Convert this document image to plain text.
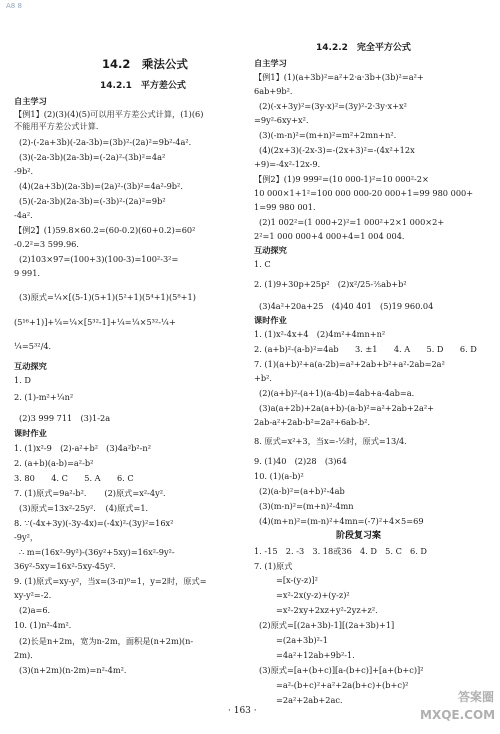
A8 8
14.2　乘法公式
14.2.1　平方差公式
自主学习
【例1】(2)(3)(4)(5)可以用平方差公式计算，(1)(6)
不能用平方差公式计算．
(2)-(-2a+3b)(-2a-3b)=(3b)²-(2a)²=9b²-4a²．
(3)(-2a-3b)(2a-3b)=(-2a)²-(3b)²=4a²
-9b²．
(4)(2a+3b)(2a-3b)=(2a)²-(3b)²=4a²-9b²．
(5)(-2a-3b)(2a-3b)=(-3b)²-(2a)²=9b²
-4a²．
【例2】(1)59.8×60.2=(60-0.2)(60+0.2)=60²
-0.2²=3 599.96．
(2)103×97=(100+3)(100-3)=100²-3²=
9 991．
(3)原式=¼×[(5-1)(5+1)(5²+1)(5⁴+1)(5⁸+1)
(5¹⁶+1)]+¼=¼×[5³²-1]+¼=¼×5³²-¼+
¼=5³²/4．
互动探究
1. D
2. (1)-m²+¼n²
(2)3 999 711　(3)1-2a
课时作业
1. (1)x²-9　(2)-a²+b²　(3)4a²b²-n²
2. (a+b)(a-b)=a²-b²
3. 80　　4. C　　5. A　　6. C
7. (1)原式=9a²-b²．　　(2)原式=x²-4y²．
(3)原式=13x²-25y²．　(4)原式=1．
8. ∵(-4x+3y)(-3y-4x)=(-4x)²-(3y)²=16x²
-9y²，
∴ m=(16x²-9y²)-(36y²+5xy)=16x²-9y²-
36y²-5xy=16x²-5xy-45y²．
9. (1)原式=xy-y²，当x=(3-π)⁰=1，y=2时，原式=
xy-y²=-2．
(2)a=6．
10. (1)n²-4m²．
(2)长是n+2m，宽为n-2m，面积是(n+2m)(n-
2m)．
(3)(n+2m)(n-2m)=n²-4m²．
14.2.2　完全平方公式
自主学习
【例1】(1)(a+3b)²=a²+2·a·3b+(3b)²=a²+
6ab+9b²．
(2)(-x+3y)²=(3y-x)²=(3y)²-2·3y·x+x²
=9y²-6xy+x²．
(3)(-m-n)²=(m+n)²=m²+2mn+n²．
(4)(2x+3)(-2x-3)=-(2x+3)²=-(4x²+12x
+9)=-4x²-12x-9．
【例2】(1)9 999²=(10 000-1)²=10 000²-2×
10 000×1+1²=100 000 000-20 000+1=99 980 000+
1=99 980 001．
(2)1 002²=(1 000+2)²=1 000²+2×1 000×2+
2²=1 000 000+4 000+4=1 004 004．
互动探究
1. C
2. (1)9+30p+25p²　(2)x²/25-⅖ab+b²
(3)4a²+20a+25　(4)40 401　(5)19 960.04
课时作业
1. (1)x²-4x+4　(2)4m²+4mn+n²
2. (a+b)²-(a-b)²=4ab　　3. ±1　　4. A　　5. D　　6. D
7. (1)(a+b)²+a(a-2b)=a²+2ab+b²+a²-2ab=2a²
+b²．
(2)(a+b)²-(a+1)(a-4b)=4ab+a-4ab=a．
(3)a(a+2b)+2a(a+b)-(a-b)²=a²+2ab+2a²+
2ab-a²+2ab-b²=2a²+6ab-b²．
8. 原式=x²+3，当x=-½时，原式=13/4．
9. (1)40　(2)28　(3)64
10. (1)(a-b)²
(2)(a-b)²=(a+b)²-4ab
(3)(m-n)²=(m+n)²-4mn
(4)(m+n)²=(m-n)²+4mn=(-7)²+4×5=69
阶段复习案
1. -15　2. -3　3. 18或36　4. D　5. C　6. D
7. (1)原式
=[x-(y-z)]²
=x²-2x(y-z)+(y-z)²
=x²-2xy+2xz+y²-2yz+z²．
(2)原式=[(2a+3b)-1][(2a+3b)+1]
=(2a+3b)²-1
=4a²+12ab+9b²-1．
(3)原式=[a+(b+c)][a-(b+c)]+[a+(b+c)]²
=a²-(b+c)²+a²+2a(b+c)+(b+c)²
=2a²+2ab+2ac．
· 163 ·
答案圈
MXQE.COM
